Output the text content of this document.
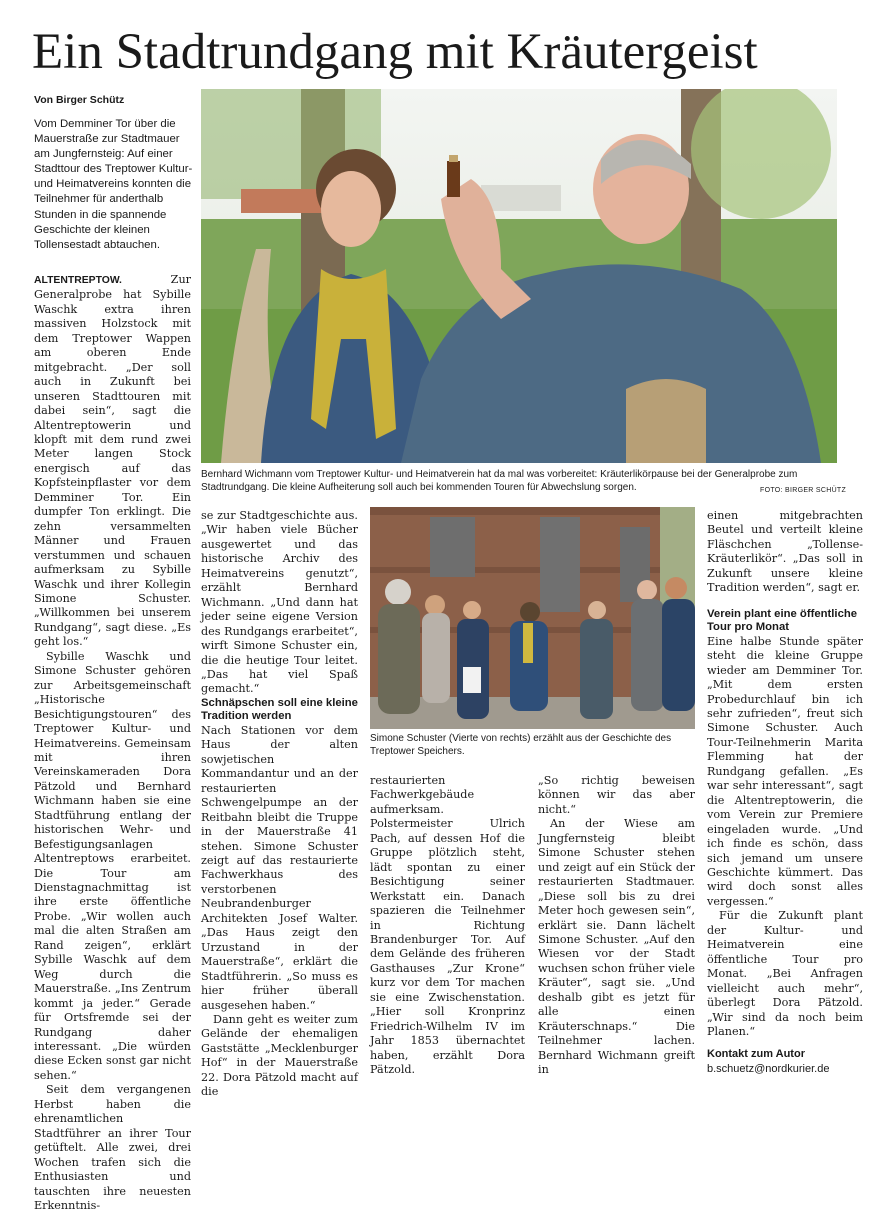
Ein Stadtrundgang mit Kräutergeist
Von Birger Schütz
Vom Demminer Tor über die Mauerstraße zur Stadtmauer am Jungfernsteig: Auf einer Stadttour des Treptower Kultur- und Heimatvereins konnten die Teilnehmer für anderthalb Stunden in die spannende Geschichte der kleinen Tollensestadt abtauchen.
Bernhard Wichmann vom Treptower Kultur- und Heimatverein hat da mal was vorbereitet: Kräuterlikörpause bei der Generalprobe zum Stadtrundgang. Die kleine Aufheiterung soll auch bei kommenden Touren für Abwechslung sorgen.	FOTO: BIRGER SCHÜTZ

ALTENTREPTOW.	Zur Generalprobe hat Sybille Waschk extra ihren massiven Holzstock mit dem Treptower Wappen am oberen Ende mitgebracht. „Der soll auch in Zukunft bei unseren Stadttouren mit dabei sein“, sagt die Altentreptowerin und klopft mit dem rund zwei Meter langen Stock energisch auf das Kopfsteinpflaster vor dem Demminer Tor. Ein dumpfer Ton erklingt. Die zehn versammelten Männer und Frauen verstummen und schauen aufmerksam zu Sybille Waschk und ihrer Kollegin Simone Schuster. „Willkommen bei unserem Rundgang“, sagt diese. „Es geht los.“

Sybille Waschk und Simone Schuster gehören zur Arbeitsgemeinschaft „Historische Besichtigungstouren“ des Treptower Kultur- und Heimatvereins. Gemeinsam mit ihren Vereinskameraden Dora Pätzold und Bernhard Wichmann haben sie eine Stadtführung entlang der historischen Wehr- und Befestigungsanlagen Altentreptows erarbeitet. Die Tour am Dienstagnachmittag ist ihre erste öffentliche Probe. „Wir wollen auch mal die alten Straßen am Rand zeigen“, erklärt Sybille Waschk auf dem Weg durch die Mauerstraße. „Ins Zentrum kommt ja jeder.“ Gerade für Ortsfremde sei der Rundgang daher interessant. „Die würden diese Ecken sonst gar nicht sehen.“

Seit dem vergangenen Herbst haben die ehrenamtlichen Stadtführer an ihrer Tour getüftelt. Alle zwei, drei Wochen trafen sich die Enthusiasten und tauschten ihre neuesten Erkenntnis-

se zur Stadtgeschichte aus. „Wir haben viele Bücher ausgewertet und das historische Archiv des Heimatvereins genutzt“, erzählt Bernhard Wichmann. „Und dann hat jeder seine eigene Version des Rundgangs erarbeitet“, wirft Simone Schuster ein, die die heutige Tour leitet. „Das hat viel Spaß gemacht.“

Schnäpschen soll eine kleine Tradition werden

Nach Stationen vor dem Haus der alten sowjetischen Kommandantur und an der restaurierten Schwengelpumpe an der Reitbahn bleibt die Truppe in der Mauerstraße 41 stehen. Simone Schuster zeigt auf das restaurierte Fachwerkhaus des verstorbenen Neubrandenburger Architekten Josef Walter. „Das Haus zeigt den Urzustand in der Mauerstraße“, erklärt die Stadtführerin. „So muss es hier früher überall ausgesehen haben.“

Dann geht es weiter zum Gelände der ehemaligen Gaststätte „Mecklenburger Hof“ in der Mauerstraße 22. Dora Pätzold macht auf die

Simone Schuster (Vierte von rechts) erzählt aus der Geschichte des Treptower Speichers.

restaurierten Fachwerkgebäude aufmerksam. Polstermeister Ulrich Pach, auf dessen Hof die Gruppe plötzlich steht, lädt spontan zu einer Besichtigung seiner Werkstatt ein. Danach spazieren die Teilnehmer in Richtung Brandenburger Tor. Auf dem Gelände des früheren Gasthauses „Zur Krone“ kurz vor dem Tor machen sie eine Zwischenstation. „Hier soll Kronprinz Friedrich-Wilhelm IV im Jahr 1853 übernachtet haben, erzählt Dora Pätzold.

„So richtig beweisen können wir das aber nicht.“

An der Wiese am Jungfernsteig bleibt Simone Schuster stehen und zeigt auf ein Stück der restaurierten Stadtmauer. „Diese soll bis zu drei Meter hoch gewesen sein“, erklärt sie. Dann lächelt Simone Schuster. „Auf den Wiesen vor der Stadt wuchsen schon früher viele Kräuter“, sagt sie. „Und deshalb gibt es jetzt für alle einen Kräuterschnaps.“ Die Teilnehmer lachen. Bernhard Wichmann greift in

einen mitgebrachten Beutel und verteilt kleine Fläschchen „Tollense-Kräuterlikör“. „Das soll in Zukunft unsere kleine Tradition werden“, sagt er.

Verein plant eine öffentliche Tour pro Monat

Eine halbe Stunde später steht die kleine Gruppe wieder am Demminer Tor. „Mit dem ersten Probedurchlauf bin ich sehr zufrieden“, freut sich Simone Schuster. Auch Tour-Teilnehmerin Marita Flemming hat der Rundgang gefallen. „Es war sehr interessant“, sagt die Altentreptowerin, die vom Verein zur Premiere eingeladen wurde. „Und ich finde es schön, dass sich jemand um unsere Geschichte kümmert. Das wird doch sonst alles vergessen.“

Für die Zukunft plant der Kultur- und Heimatverein eine öffentliche Tour pro Monat. „Bei Anfragen vielleicht auch mehr“, überlegt Dora Pätzold. „Wir sind da noch beim Planen.“

Kontakt zum Autor
b.schuetz@nordkurier.de
